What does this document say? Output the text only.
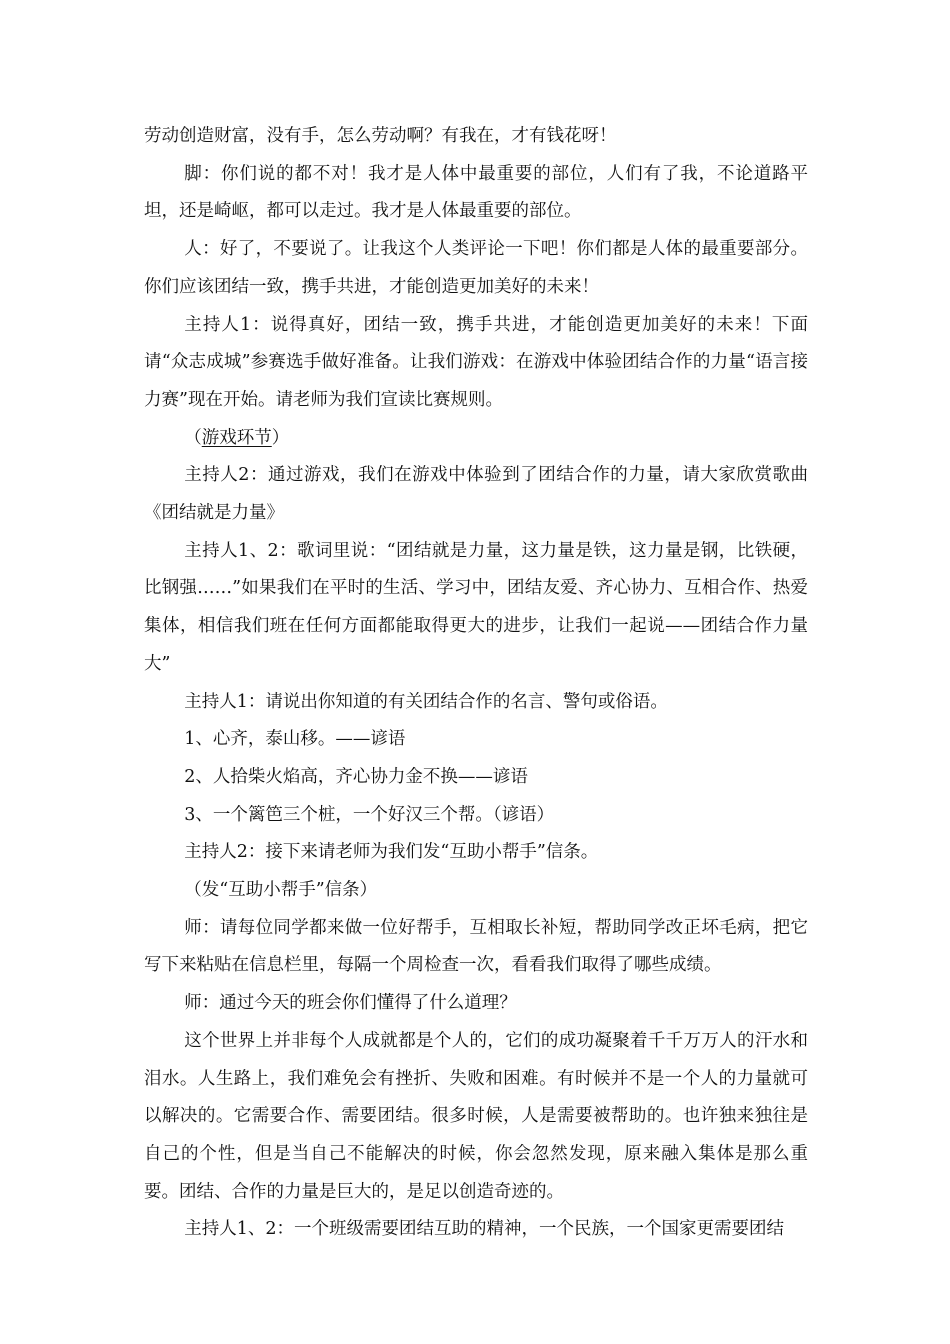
劳动创造财富，没有手，怎么劳动啊？有我在，才有钱花呀！

脚：你们说的都不对！我才是人体中最重要的部位，人们有了我，不论道路平坦，还是崎岖，都可以走过。我才是人体最重要的部位。

人：好了，不要说了。让我这个人类评论一下吧！你们都是人体的最重要部分。你们应该团结一致，携手共进，才能创造更加美好的未来！

主持人1：说得真好，团结一致，携手共进，才能创造更加美好的未来！下面请“众志成城”参赛选手做好准备。让我们游戏：在游戏中体验团结合作的力量“语言接力赛”现在开始。请老师为我们宣读比赛规则。

（游戏环节）

主持人2：通过游戏，我们在游戏中体验到了团结合作的力量，请大家欣赏歌曲《团结就是力量》

主持人1、2：歌词里说：“团结就是力量，这力量是铁，这力量是钢，比铁硬，比钢强……”如果我们在平时的生活、学习中，团结友爱、齐心协力、互相合作、热爱集体，相信我们班在任何方面都能取得更大的进步，让我们一起说——团结合作力量大”

主持人1：请说出你知道的有关团结合作的名言、警句或俗语。

1、心齐，泰山移。——谚语

2、人拾柴火焰高，齐心协力金不换——谚语

3、一个篱笆三个桩，一个好汉三个帮。（谚语）

主持人2：接下来请老师为我们发“互助小帮手”信条。

（发“互助小帮手”信条）

师：请每位同学都来做一位好帮手，互相取长补短，帮助同学改正坏毛病，把它写下来粘贴在信息栏里，每隔一个周检查一次，看看我们取得了哪些成绩。

师：通过今天的班会你们懂得了什么道理？

这个世界上并非每个人成就都是个人的，它们的成功凝聚着千千万万人的汗水和泪水。人生路上，我们难免会有挫折、失败和困难。有时候并不是一个人的力量就可以解决的。它需要合作、需要团结。很多时候，人是需要被帮助的。也许独来独往是自己的个性，但是当自己不能解决的时候，你会忽然发现，原来融入集体是那么重要。团结、合作的力量是巨大的，是足以创造奇迹的。

主持人1、2：一个班级需要团结互助的精神，一个民族，一个国家更需要团结
